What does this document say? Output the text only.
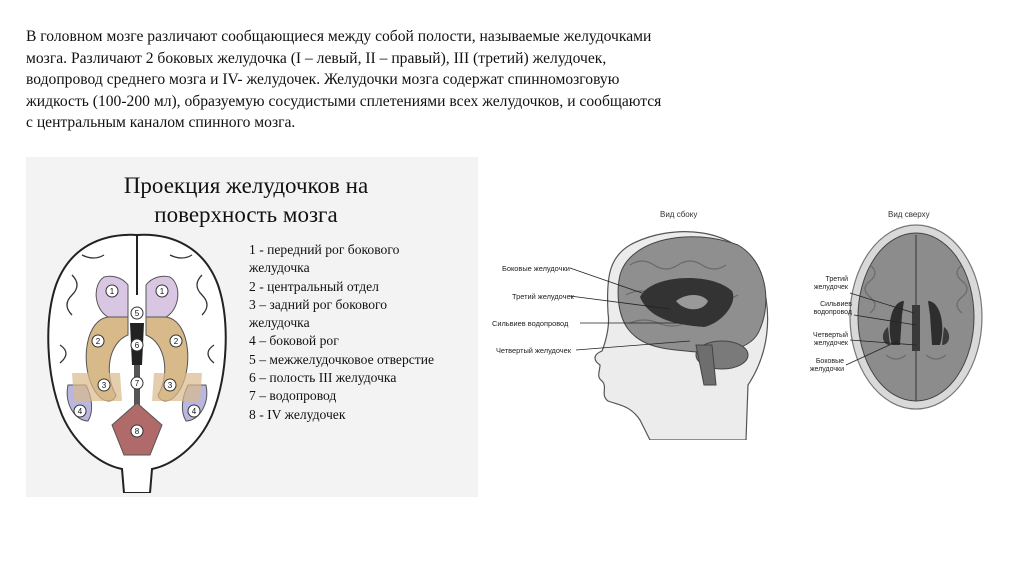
В головном мозге различают сообщающиеся между собой полости, называемые желудочками
мозга. Различают 2 боковых желудочка (I – левый, II – правый), III (третий) желудочек,
водопровод среднего мозга и IV- желудочек. Желудочки мозга содержат спинномозговую
жидкость (100-200 мл), образуемую сосудистыми сплетениями всех желудочков, и сообщаются
с центральным каналом спинного мозга.
Проекция желудочков на
поверхность мозга
1	1
2	2
3	3
4	4
5
6
7
8
1 - передний рог бокового
желудочка
2 - центральный отдел
3 – задний рог бокового
желудочка
4 – боковой рог
5 – межжелудочковое отверстие
6 – полость III желудочка
7 – водопровод
8 - IV желудочек
Вид сбоку
Боковые желудочки
Третий желудочек
Сильвиев водопровод
Четвертый желудочек
Вид сверху
Третий
желудочек
Сильвиев
водопровод
Четвертый
желудочек
Боковые
желудочки
